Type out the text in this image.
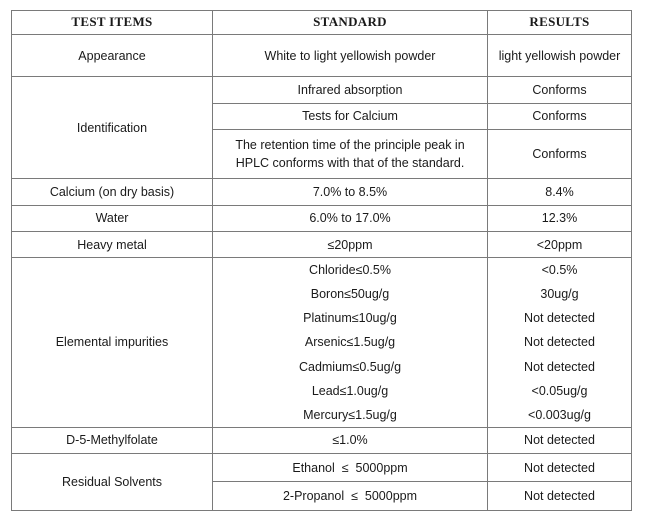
TEST ITEMS	STANDARD	RESULTS
Appearance	White to light yellowish powder	light yellowish powder
Identification	Infrared absorption	Conforms
	Tests for Calcium	Conforms
	The retention time of the principle peak in HPLC conforms with that of the standard.	Conforms
Calcium (on dry basis)	7.0% to 8.5%	8.4%
Water	6.0% to 17.0%	12.3%
Heavy metal	≤20ppm	<20ppm
Elemental impurities	Chloride≤0.5%	<0.5%
	Boron≤50ug/g	30ug/g
	Platinum≤10ug/g	Not detected
	Arsenic≤1.5ug/g	Not detected
	Cadmium≤0.5ug/g	Not detected
	Lead≤1.0ug/g	<0.05ug/g
	Mercury≤1.5ug/g	<0.003ug/g
D-5-Methylfolate	≤1.0%	Not detected
Residual Solvents	Ethanol  ≤  5000ppm	Not detected
	2-Propanol  ≤  5000ppm	Not detected
